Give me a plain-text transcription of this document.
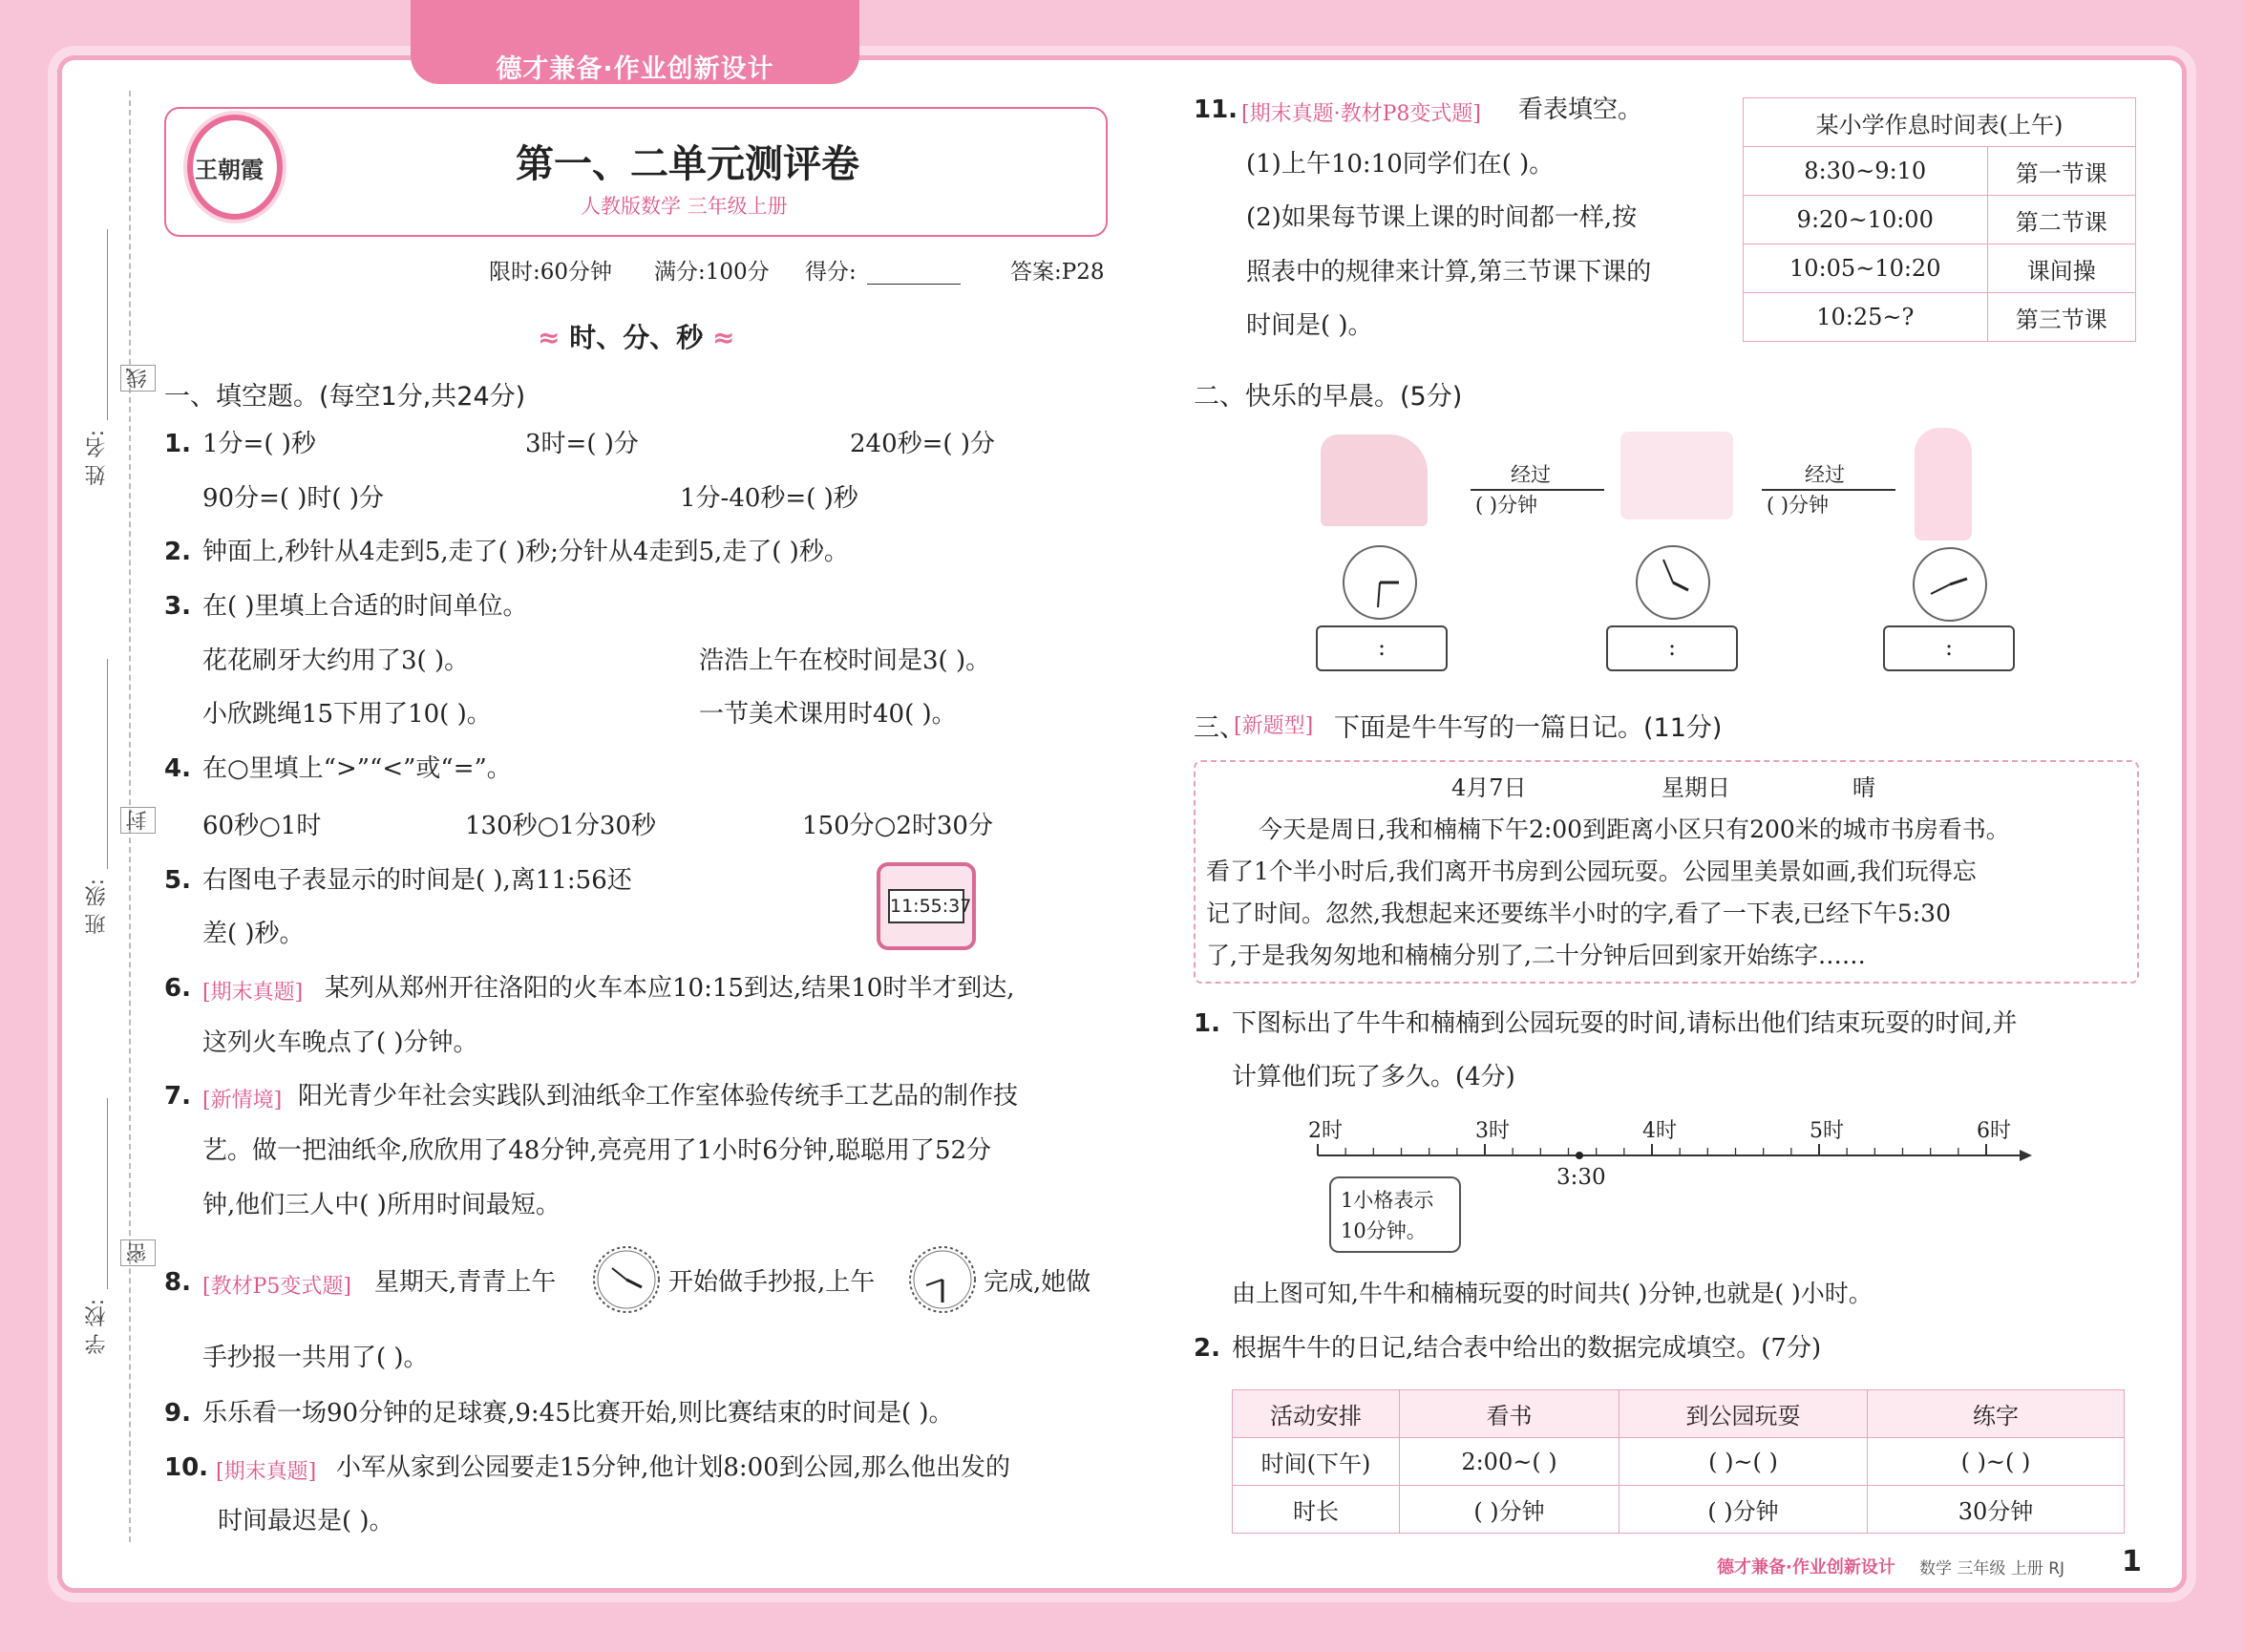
德才兼备·作业创新设计
姓 名:
线
班 级:
封
学 校:
密
王朝霞	第一、二单元测评卷
人教版数学 三年级上册
限时:60分钟 满分:100分 得分:	答案:P28
≈ 时、分、秒 ≈
一、填空题。(每空1分,共24分)
1. 1分=( )秒	3时=( )分	240秒=( )分
90分=( )时( )分	1分-40秒=( )秒
2. 钟面上,秒针从4走到5,走了( )秒;分针从4走到5,走了( )秒。
3. 在( )里填上合适的时间单位。
花花刷牙大约用了3( )。	浩浩上午在校时间是3( )。
小欣跳绳15下用了10( )。	一节美术课用时40( )。
4. 在○里填上“>”“<”或“=”。
60秒○1时	130秒○1分30秒	150分○2时30分
5. 右图电子表显示的时间是( ),离11:56还
差( )秒。
11:55:37
6. [期末真题] 某列从郑州开往洛阳的火车本应10:15到达,结果10时半才到达,
这列火车晚点了( )分钟。
7. [新情境] 阳光青少年社会实践队到油纸伞工作室体验传统手工艺品的制作技
艺。做一把油纸伞,欣欣用了48分钟,亮亮用了1小时6分钟,聪聪用了52分
钟,他们三人中( )所用时间最短。
8. [教材P5变式题] 星期天,青青上午	开始做手抄报,上午	完成,她做
手抄报一共用了( )。
9. 乐乐看一场90分钟的足球赛,9:45比赛开始,则比赛结束的时间是( )。
10. [期末真题] 小军从家到公园要走15分钟,他计划8:00到公园,那么他出发的
时间最迟是( )。
11. [期末真题·教材P8变式题] 看表填空。
(1)上午10:10同学们在( )。
(2)如果每节课上课的时间都一样,按
照表中的规律来计算,第三节课下课的
时间是( )。
某小学作息时间表(上午)	
8:30~9:10	第一节课
9:20~10:00	第二节课
10:05~10:20	课间操
10:25~?	第三节课
二、快乐的早晨。(5分)
经过
( )分钟
经过
( )分钟
:	:	:
三、
[新题型] 下面是牛牛写的一篇日记。(11分)
4月7日	星期日	晴
今天是周日,我和楠楠下午2:00到距离小区只有200米的城市书房看书。
看了1个半小时后,我们离开书房到公园玩耍。公园里美景如画,我们玩得忘
记了时间。忽然,我想起来还要练半小时的字,看了一下表,已经下午5:30
了,于是我匆匆地和楠楠分别了,二十分钟后回到家开始练字……
1. 下图标出了牛牛和楠楠到公园玩耍的时间,请标出他们结束玩耍的时间,并
计算他们玩了多久。(4分)
2时	3时	4时	5时	6时
3:30
1小格表示
10分钟。
由上图可知,牛牛和楠楠玩耍的时间共( )分钟,也就是( )小时。
2. 根据牛牛的日记,结合表中给出的数据完成填空。(7分)
活动安排	看书	到公园玩耍	练字
时间(下午)	2:00~( )	( )~( )	( )~( )
时长	( )分钟	( )分钟	30分钟
德才兼备·作业创新设计 数学 三年级 上册 RJ 1
